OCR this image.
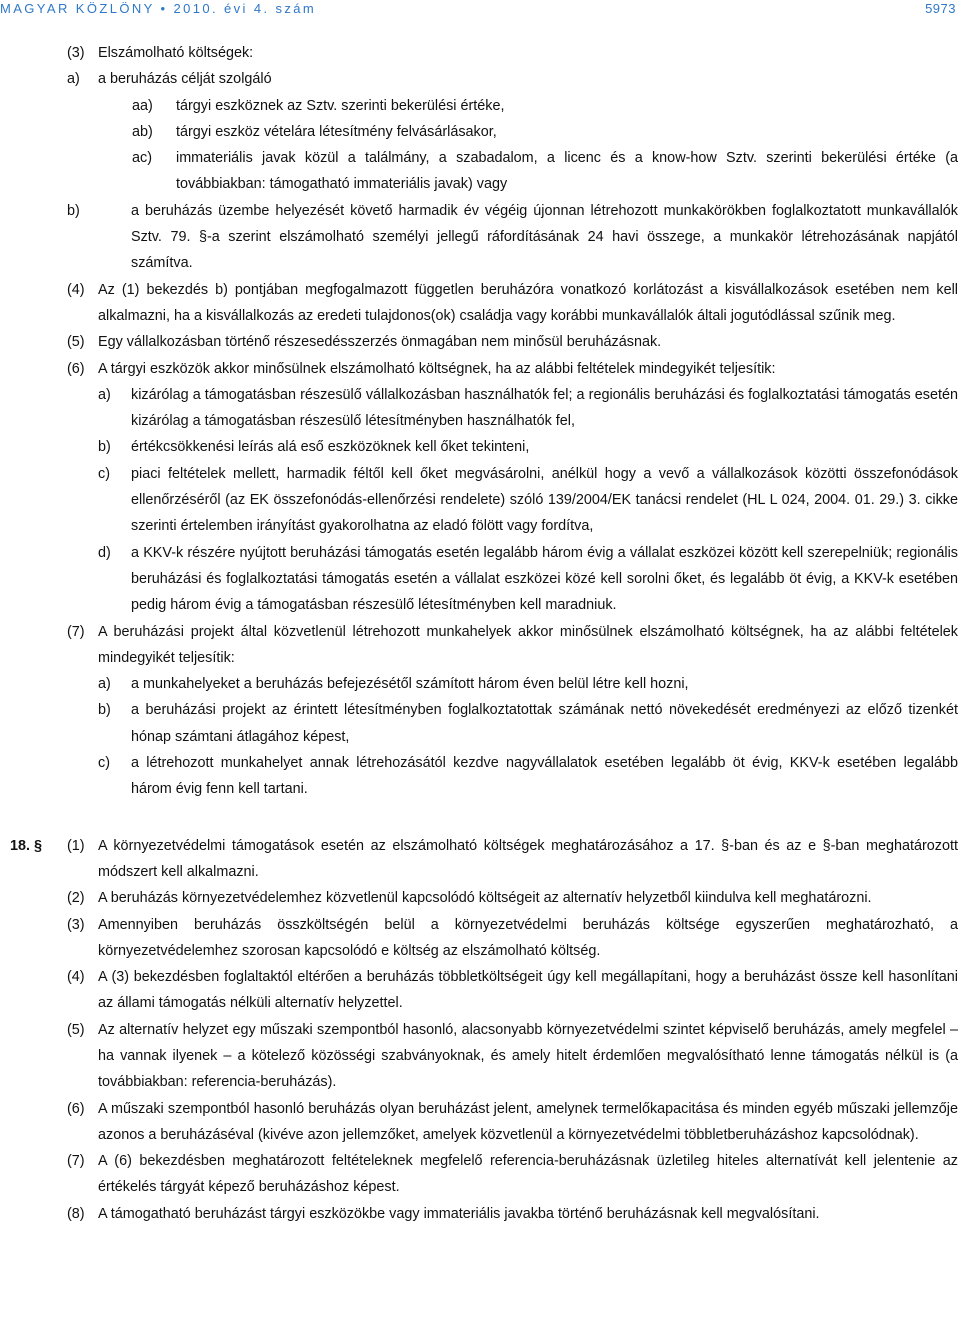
MAGYAR KÖZLÖNY • 2010. évi 4. szám	5973
(3) Elszámolható költségek:
a) a beruházás célját szolgáló
aa) tárgyi eszköznek az Sztv. szerinti bekerülési értéke,
ab) tárgyi eszköz vételára létesítmény felvásárlásakor,
ac) immateriális javak közül a találmány, a szabadalom, a licenc és a know-how Sztv. szerinti bekerülési értéke (a továbbiakban: támogatható immateriális javak) vagy
b)	a beruházás üzembe helyezését követő harmadik év végéig újonnan létrehozott munkakörökben foglalkoztatott munkavállalók Sztv. 79. §-a szerint elszámolható személyi jellegű ráfordításának 24 havi összege, a munkakör létrehozásának napjától számítva.
(4) Az (1) bekezdés b) pontjában megfogalmazott független beruházóra vonatkozó korlátozást a kisvállalkozások esetében nem kell alkalmazni, ha a kisvállalkozás az eredeti tulajdonos(ok) családja vagy korábbi munkavállalók általi jogutódlással szűnik meg.
(5) Egy vállalkozásban történő részesedésszerzés önmagában nem minősül beruházásnak.
(6) A tárgyi eszközök akkor minősülnek elszámolható költségnek, ha az alábbi feltételek mindegyikét teljesítik:
a) kizárólag a támogatásban részesülő vállalkozásban használhatók fel; a regionális beruházási és foglalkoztatási támogatás esetén kizárólag a támogatásban részesülő létesítményben használhatók fel,
b) értékcsökkenési leírás alá eső eszközöknek kell őket tekinteni,
c) piaci feltételek mellett, harmadik féltől kell őket megvásárolni, anélkül hogy a vevő a vállalkozások közötti összefonódások ellenőrzéséről (az EK összefonódás-ellenőrzési rendelete) szóló 139/2004/EK tanácsi rendelet (HL L 024, 2004. 01. 29.) 3. cikke szerinti értelemben irányítást gyakorolhatna az eladó fölött vagy fordítva,
d) a KKV-k részére nyújtott beruházási támogatás esetén legalább három évig a vállalat eszközei között kell szerepelniük; regionális beruházási és foglalkoztatási támogatás esetén a vállalat eszközei közé kell sorolni őket, és legalább öt évig, a KKV-k esetében pedig három évig a támogatásban részesülő létesítményben kell maradniuk.
(7) A beruházási projekt által közvetlenül létrehozott munkahelyek akkor minősülnek elszámolható költségnek, ha az alábbi feltételek mindegyikét teljesítik:
a) a munkahelyeket a beruházás befejezésétől számított három éven belül létre kell hozni,
b) a beruházási projekt az érintett létesítményben foglalkoztatottak számának nettó növekedését eredményezi az előző tizenkét hónap számtani átlagához képest,
c) a létrehozott munkahelyet annak létrehozásától kezdve nagyvállalatok esetében legalább öt évig, KKV-k esetében legalább három évig fenn kell tartani.
18. § (1) A környezetvédelmi támogatások esetén az elszámolható költségek meghatározásához a 17. §-ban és az e §-ban meghatározott módszert kell alkalmazni.
(2) A beruházás környezetvédelemhez közvetlenül kapcsolódó költségeit az alternatív helyzetből kiindulva kell meghatározni.
(3) Amennyiben beruházás összköltségén belül a környezetvédelmi beruházás költsége egyszerűen meghatározható, a környezetvédelemhez szorosan kapcsolódó e költség az elszámolható költség.
(4) A (3) bekezdésben foglaltaktól eltérően a beruházás többletköltségeit úgy kell megállapítani, hogy a beruházást össze kell hasonlítani az állami támogatás nélküli alternatív helyzettel.
(5) Az alternatív helyzet egy műszaki szempontból hasonló, alacsonyabb környezetvédelmi szintet képviselő beruházás, amely megfelel – ha vannak ilyenek – a kötelező közösségi szabványoknak, és amely hitelt érdemlően megvalósítható lenne támogatás nélkül is (a továbbiakban: referencia-beruházás).
(6) A műszaki szempontból hasonló beruházás olyan beruházást jelent, amelynek termelőkapacitása és minden egyéb műszaki jellemzője azonos a beruházáséval (kivéve azon jellemzőket, amelyek közvetlenül a környezetvédelmi többletberuházáshoz kapcsolódnak).
(7) A (6) bekezdésben meghatározott feltételeknek megfelelő referencia-beruházásnak üzletileg hiteles alternatívát kell jelentenie az értékelés tárgyát képező beruházáshoz képest.
(8) A támogatható beruházást tárgyi eszközökbe vagy immateriális javakba történő beruházásnak kell megvalósítani.
